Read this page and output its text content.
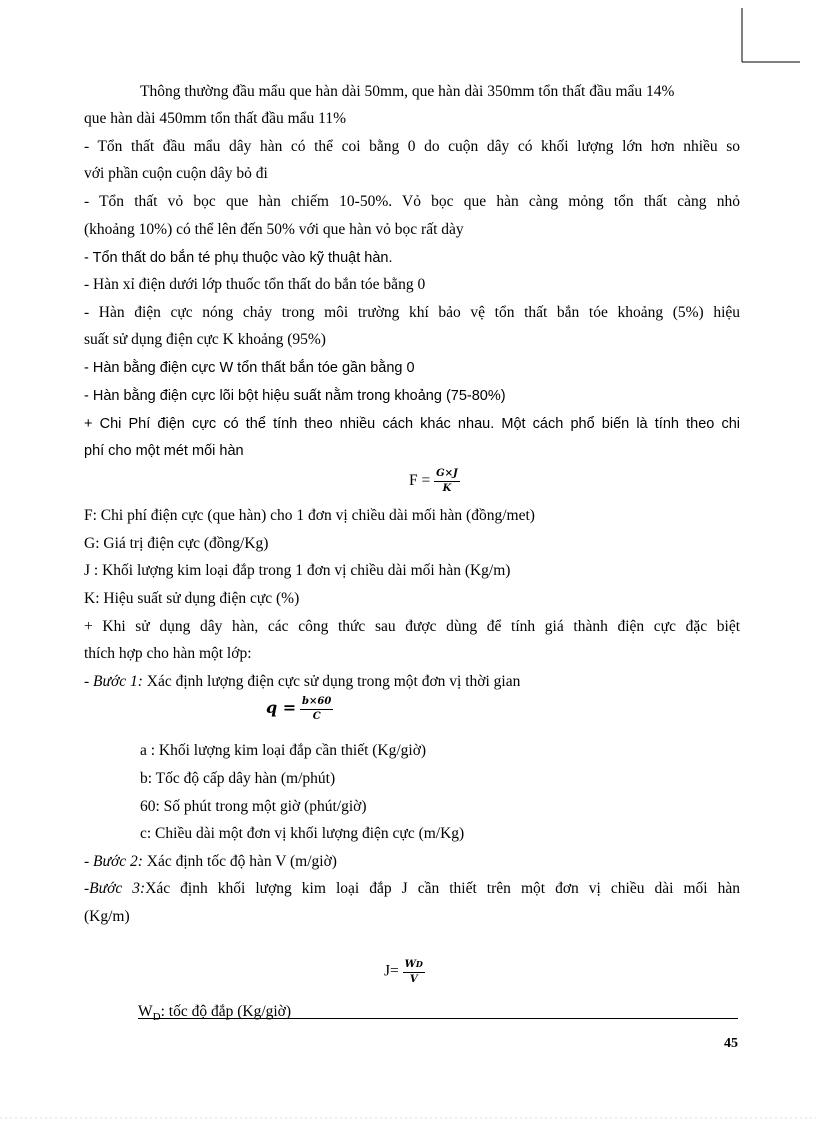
Thông thường đầu mẩu que hàn dài 50mm, que hàn dài 350mm tổn thất đầu mẩu 14%
que hàn dài 450mm tổn thất đầu mẩu 11%
- Tổn thất đầu mẩu dây hàn có thể coi bằng 0 do cuộn dây có khối lượng lớn hơn nhiều so
với phần cuộn cuộn dây bỏ đi
- Tổn thất vỏ bọc que hàn chiếm 10-50%. Vỏ bọc que hàn càng mỏng tổn thất càng nhỏ
(khoảng 10%) có thể lên đến 50% với que hàn vỏ bọc rất dày
- Tổn thất do bắn té phụ thuộc vào kỹ thuật hàn.
- Hàn xỉ điện dưới lớp thuốc tổn thất do bắn tóe bằng 0
- Hàn điện cực nóng chảy trong môi trường khí bảo vệ tổn thất bắn tóe khoảng (5%) hiệu
suất sử dụng điện cực K khoảng (95%)
- Hàn bằng điện cực W tổn thất bắn tóe gần bằng 0
- Hàn bằng điện cực lõi bột hiệu suất nằm trong khoảng (75-80%)
+ Chi Phí điện cực có thể tính theo nhiều cách khác nhau. Một cách phổ biến là tính theo chi
phí cho một mét mối hàn
$F = \frac{G\times J}{K}$
F: Chi phí điện cực (que hàn) cho 1 đơn vị chiều dài mối hàn (đồng/met)
G: Giá trị điện cực (đồng/Kg)
J : Khối lượng kim loại đắp trong 1 đơn vị chiều dài mối hàn (Kg/m)
K: Hiệu suất sử dụng điện cực (%)
+ Khi sử dụng dây hàn, các công thức sau được dùng để tính giá thành điện cực đặc biệt
thích hợp cho hàn một lớp:
- Bước 1: Xác định lượng điện cực sử dụng trong một đơn vị thời gian
$q = \frac{b\times 60}{C}$
a : Khối lượng kim loại đắp cần thiết (Kg/giờ)
b: Tốc độ cấp dây hàn (m/phút)
60: Số phút trong một giờ (phút/giờ)
c: Chiều dài một đơn vị khối lượng điện cực (m/Kg)
- Bước 2: Xác định tốc độ hàn V (m/giờ)
-Bước 3:Xác định khối lượng kim loại đắp J cần thiết trên một đơn vị chiều dài mối hàn
(Kg/m)
$J= \frac{WD}{V}$
$W_D$: tốc độ đắp (Kg/giờ)
45
